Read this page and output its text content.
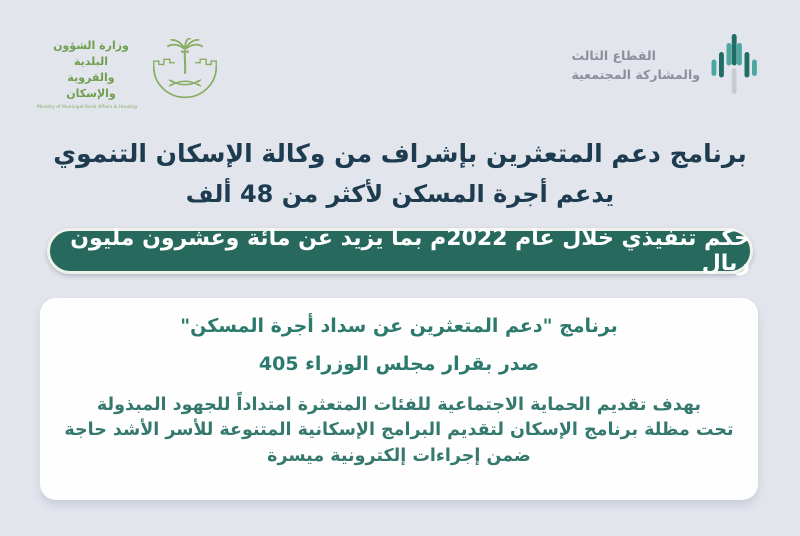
وزارة الشؤون البلدية
والقروية والإسكان
Ministry of Municipal Rural Affairs & Housing
القطاع الثالث
والمشاركة المجتمعية
برنامج دعم المتعثرين بإشراف من وكالة الإسكان التنموي
يدعم أجرة المسكن لأكثر من 48 ألف
حكم تنفيذي خلال عام 2022م بما يزيد عن مائة وعشرون مليون ريال
برنامج "دعم المتعثرين عن سداد أجرة المسكن"
صدر بقرار مجلس الوزراء 405
بهدف تقديم الحماية الاجتماعية للفئات المتعثرة امتداداً للجهود المبذولة
تحت مظلة برنامج الإسكان لتقديم البرامج الإسكانية المتنوعة للأسر الأشد حاجة
ضمن إجراءات إلكترونية ميسرة
